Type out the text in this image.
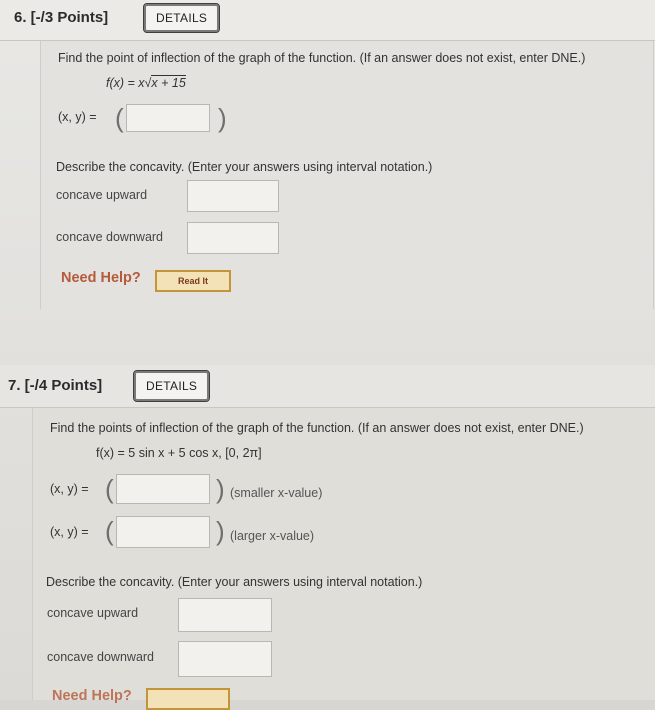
6. [-/3 Points]	DETAILS
Find the point of inflection of the graph of the function. (If an answer does not exist, enter DNE.)
f(x) = x√x + 15
(x, y) = (	)
Describe the concavity. (Enter your answers using interval notation.)
concave upward
concave downward
Need Help?	Read It
7. [-/4 Points]	DETAILS
Find the points of inflection of the graph of the function. (If an answer does not exist, enter DNE.)
f(x) = 5 sin x + 5 cos x, [0, 2π]
(x, y) = (	) (smaller x-value)
(x, y) = (	) (larger x-value)
Describe the concavity. (Enter your answers using interval notation.)
concave upward
concave downward
Need Help?
